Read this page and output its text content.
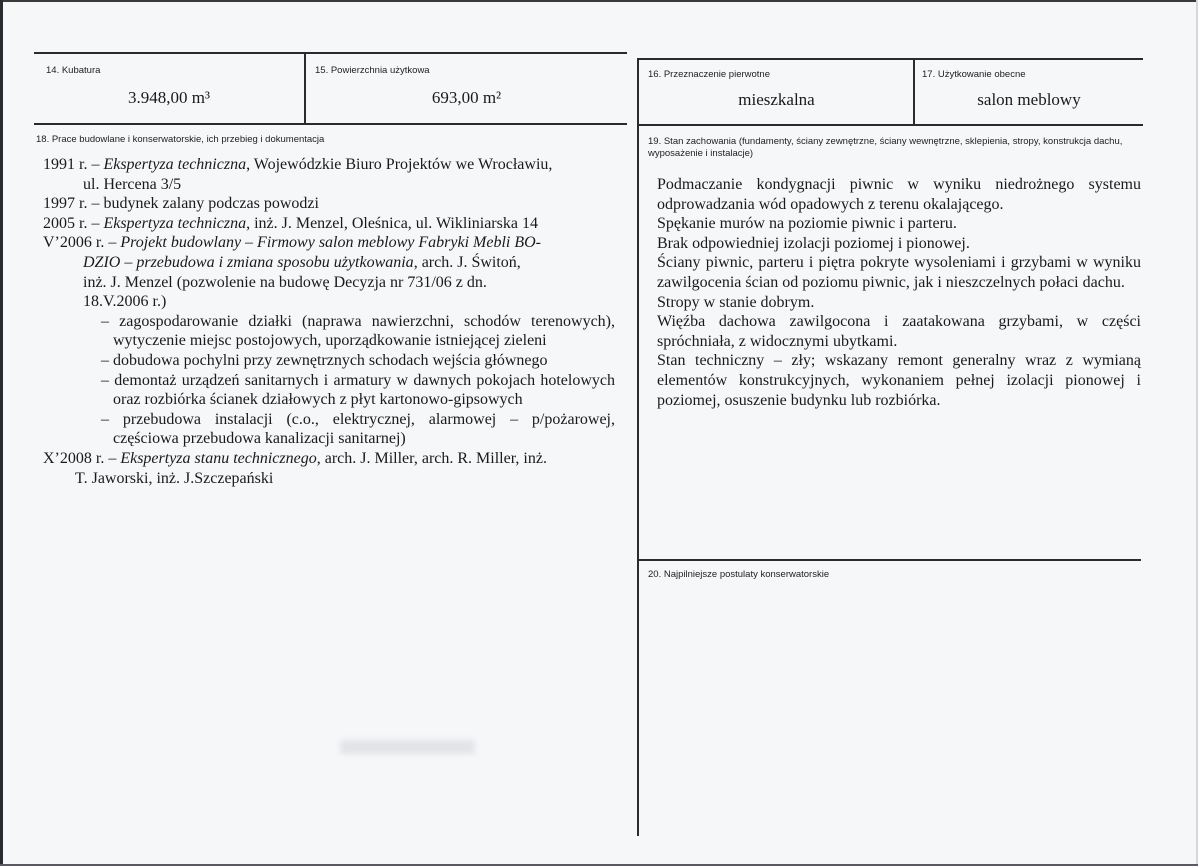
14. Kubatura
3.948,00 m³
15. Powierzchnia użytkowa
693,00 m²
16. Przeznaczenie pierwotne
mieszkalna
17. Użytkowanie obecne
salon meblowy
18. Prace budowlane i konserwatorskie, ich przebieg i dokumentacja
1991 r. – Ekspertyza techniczna, Wojewódzkie Biuro Projektów we Wrocławiu,
ul. Hercena 3/5
1997 r. – budynek zalany podczas powodzi
2005 r. – Ekspertyza techniczna, inż. J. Menzel, Oleśnica, ul. Wikliniarska 14
V’2006 r. – Projekt budowlany – Firmowy salon meblowy Fabryki Mebli BO-
DZIO – przebudowa i zmiana sposobu użytkowania, arch. J. Świtoń,
inż. J. Menzel (pozwolenie na budowę Decyzja nr 731/06 z dn.
18.V.2006 r.)
– zagospodarowanie działki (naprawa nawierzchni, schodów terenowych), wytyczenie miejsc postojowych, uporządkowanie istniejącej zieleni
– dobudowa pochylni przy zewnętrznych schodach wejścia głównego
– demontaż urządzeń sanitarnych i armatury w dawnych pokojach hotelowych oraz rozbiórka ścianek działowych z płyt kartonowo-gipsowych
– przebudowa instalacji (c.o., elektrycznej, alarmowej – p/pożarowej, częściowa przebudowa kanalizacji sanitarnej)
X’2008 r. – Ekspertyza stanu technicznego, arch. J. Miller, arch. R. Miller, inż.
T. Jaworski, inż. J.Szczepański
19. Stan zachowania (fundamenty, ściany zewnętrzne, ściany wewnętrzne, sklepienia, stropy, konstrukcja dachu, wyposażenie i instalacje)
Podmaczanie kondygnacji piwnic w wyniku niedrożnego systemu odprowadzania wód opadowych z terenu okalającego.
Spękanie murów na poziomie piwnic i parteru.
Brak odpowiedniej izolacji poziomej i pionowej.
Ściany piwnic, parteru i piętra pokryte wysoleniami i grzybami w wyniku zawilgocenia ścian od poziomu piwnic, jak i nieszczelnych połaci dachu.
Stropy w stanie dobrym.
Więźba dachowa zawilgocona i zaatakowana grzybami, w części spróchniała, z widocznymi ubytkami.
Stan techniczny – zły; wskazany remont generalny wraz z wymianą elementów konstrukcyjnych, wykonaniem pełnej izolacji pionowej i poziomej, osuszenie budynku lub rozbiórka.
20. Najpilniejsze postulaty konserwatorskie
